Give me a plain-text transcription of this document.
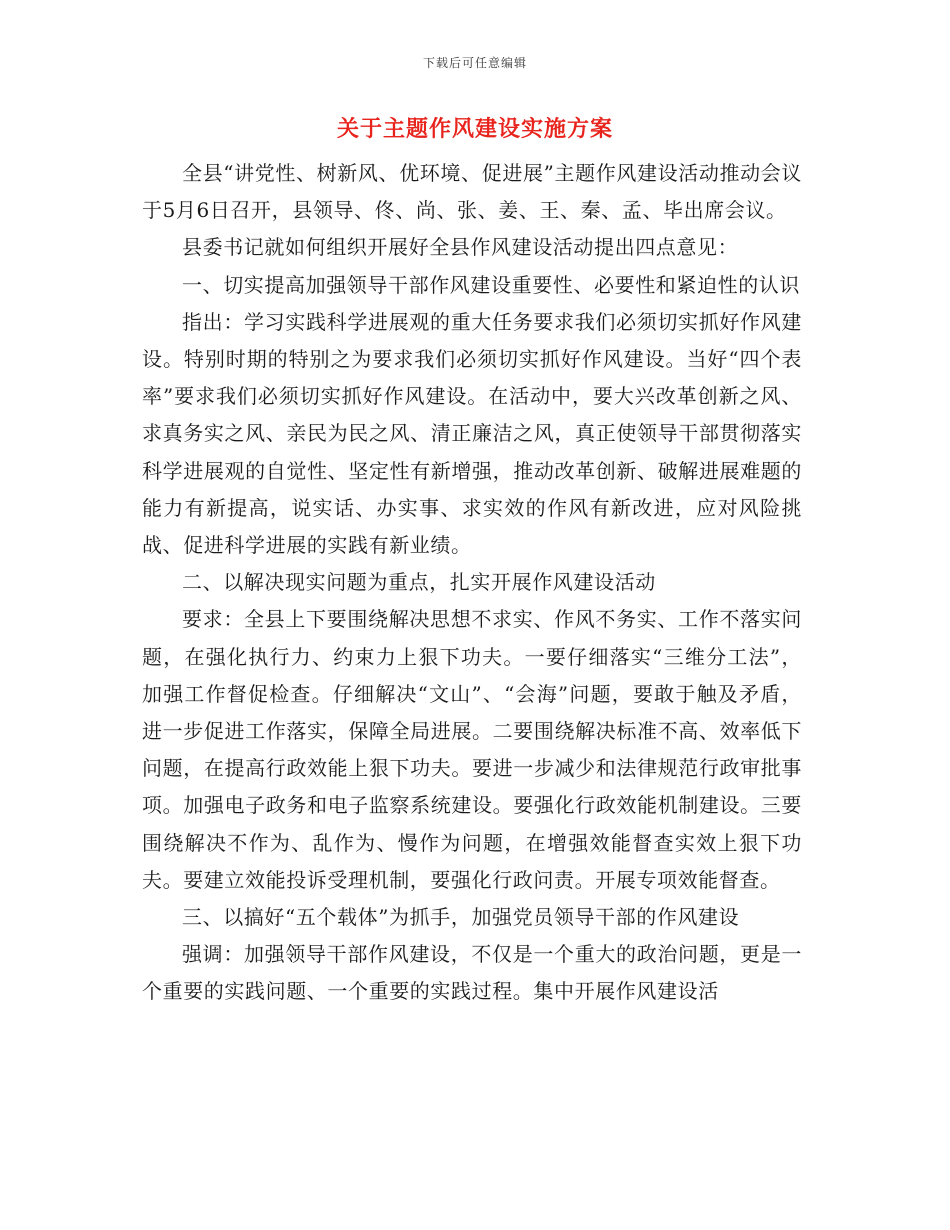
下载后可任意编辑
关于主题作风建设实施方案

全县“讲党性、树新风、优环境、促进展”主题作风建设活动推动会议于5月6日召开，县领导、佟、尚、张、姜、王、秦、孟、毕出席会议。

县委书记就如何组织开展好全县作风建设活动提出四点意见：

一、切实提高加强领导干部作风建设重要性、必要性和紧迫性的认识

指出：学习实践科学进展观的重大任务要求我们必须切实抓好作风建设。特别时期的特别之为要求我们必须切实抓好作风建设。当好“四个表率”要求我们必须切实抓好作风建设。在活动中，要大兴改革创新之风、求真务实之风、亲民为民之风、清正廉洁之风，真正使领导干部贯彻落实科学进展观的自觉性、坚定性有新增强，推动改革创新、破解进展难题的能力有新提高，说实话、办实事、求实效的作风有新改进，应对风险挑战、促进科学进展的实践有新业绩。

二、以解决现实问题为重点，扎实开展作风建设活动

要求：全县上下要围绕解决思想不求实、作风不务实、工作不落实问题，在强化执行力、约束力上狠下功夫。一要仔细落实“三维分工法”，加强工作督促检查。仔细解决“文山”、“会海”问题，要敢于触及矛盾，进一步促进工作落实，保障全局进展。二要围绕解决标准不高、效率低下问题，在提高行政效能上狠下功夫。要进一步减少和法律规范行政审批事项。加强电子政务和电子监察系统建设。要强化行政效能机制建设。三要围绕解决不作为、乱作为、慢作为问题，在增强效能督查实效上狠下功夫。要建立效能投诉受理机制，要强化行政问责。开展专项效能督查。

三、以搞好“五个载体”为抓手，加强党员领导干部的作风建设

强调：加强领导干部作风建设，不仅是一个重大的政治问题，更是一个重要的实践问题、一个重要的实践过程。集中开展作风建设活
